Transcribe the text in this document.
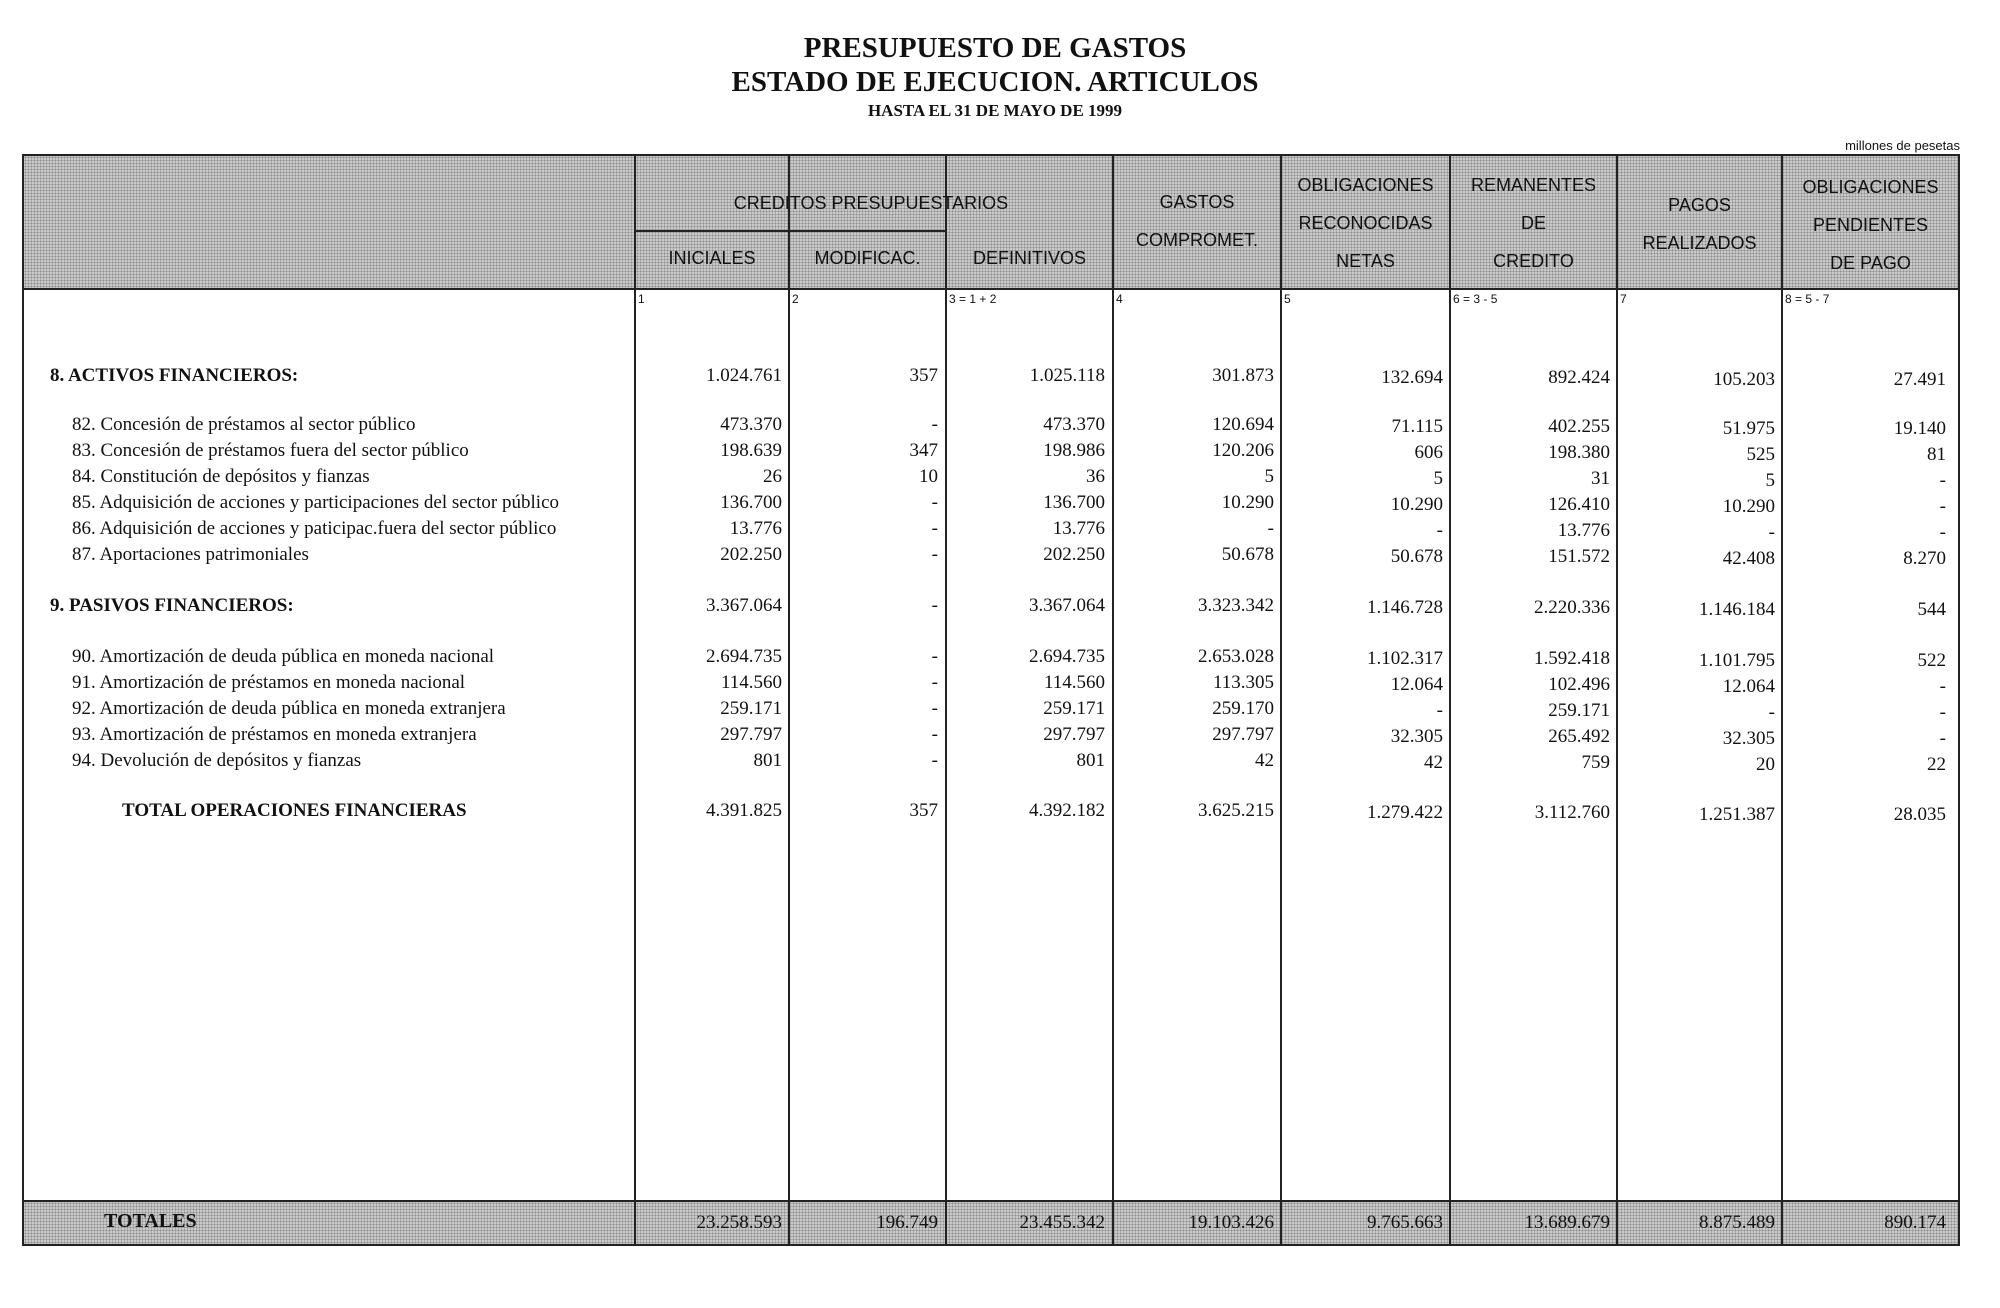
PRESUPUESTO DE GASTOS
ESTADO DE EJECUCION. ARTICULOS
HASTA EL 31 DE MAYO DE 1999
millones de pesetas
CREDITOS PRESUPUESTARIOS
INICIALES	MODIFICAC.	DEFINITIVOS
GASTOS
COMPROMET.
OBLIGACIONES
RECONOCIDAS
NETAS
REMANENTES
DE
CREDITO
PAGOS
REALIZADOS
OBLIGACIONES
PENDIENTES
DE PAGO
1	2	3 = 1 + 2	4	5	6 = 3 - 5	7	8 = 5 - 7
8. ACTIVOS FINANCIEROS:	1.024.761	357	1.025.118	301.873	132.694	892.424	105.203	27.491
82. Concesión de préstamos al sector público	473.370	-	473.370	120.694	71.115	402.255	51.975	19.140
83. Concesión de préstamos fuera del sector público	198.639	347	198.986	120.206	606	198.380	525	81
84. Constitución de depósitos y fianzas	26	10	36	5	5	31	5	-
85. Adquisición de acciones y participaciones del sector público	136.700	-	136.700	10.290	10.290	126.410	10.290	-
86. Adquisición de acciones y paticipac.fuera del sector público	13.776	-	13.776	-	-	13.776	-	-
87. Aportaciones patrimoniales	202.250	-	202.250	50.678	50.678	151.572	42.408	8.270
9. PASIVOS FINANCIEROS:	3.367.064	-	3.367.064	3.323.342	1.146.728	2.220.336	1.146.184	544
90. Amortización de deuda pública en moneda nacional	2.694.735	-	2.694.735	2.653.028	1.102.317	1.592.418	1.101.795	522
91. Amortización de préstamos en moneda nacional	114.560	-	114.560	113.305	12.064	102.496	12.064	-
92. Amortización de deuda pública en moneda extranjera	259.171	-	259.171	259.170	-	259.171	-	-
93. Amortización de préstamos en moneda extranjera	297.797	-	297.797	297.797	32.305	265.492	32.305	-
94. Devolución de depósitos y fianzas	801	-	801	42	42	759	20	22
TOTAL OPERACIONES FINANCIERAS	4.391.825	357	4.392.182	3.625.215	1.279.422	3.112.760	1.251.387	28.035
TOTALES	23.258.593	196.749	23.455.342	19.103.426	9.765.663	13.689.679	8.875.489	890.174
